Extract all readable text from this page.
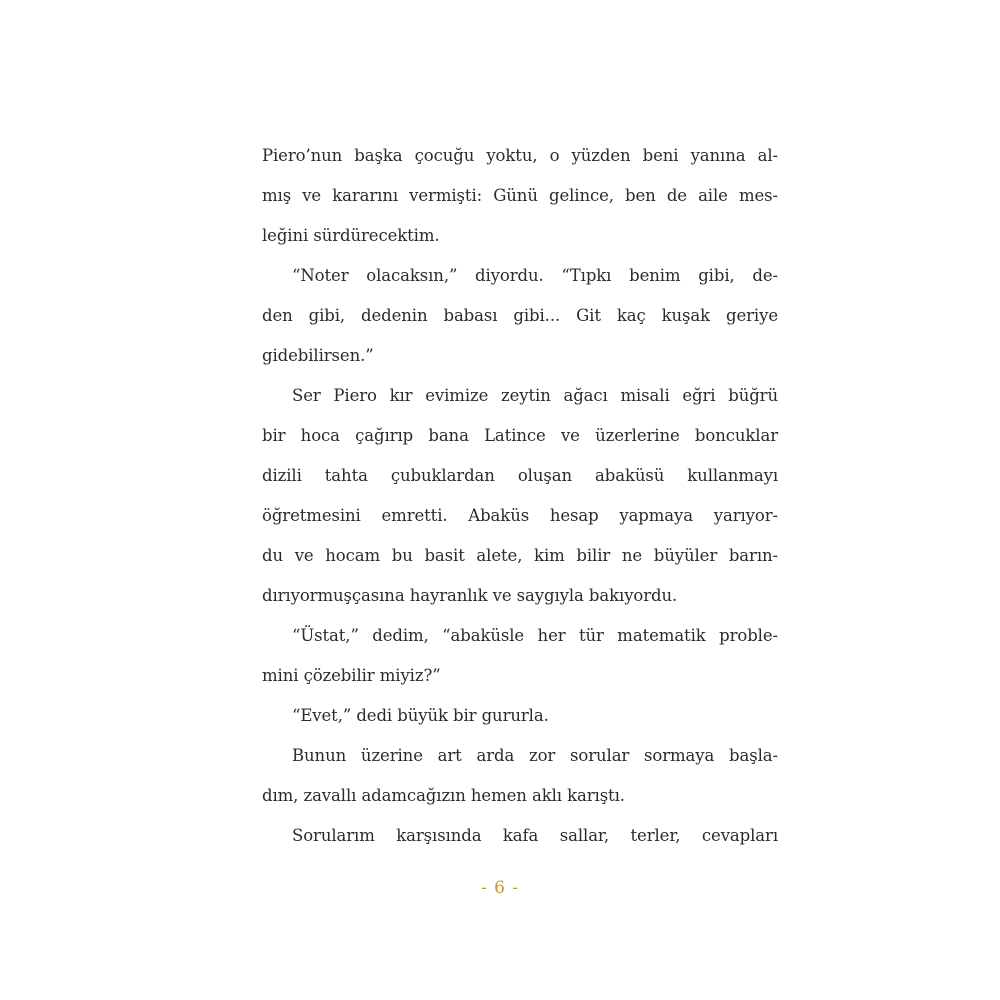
Piero’nun başka çocuğu yoktu, o yüzden beni yanına al-
mış ve kararını vermişti: Günü gelince, ben de aile mes-
leğini sürdürecektim.
“Noter olacaksın,” diyordu. “Tıpkı benim gibi, de-
den gibi, dedenin babası gibi... Git kaç kuşak geriye
gidebilirsen.”
Ser Piero kır evimize zeytin ağacı misali eğri büğrü
bir hoca çağırıp bana Latince ve üzerlerine boncuklar
dizili tahta çubuklardan oluşan abaküsü kullanmayı
öğretmesini emretti. Abaküs hesap yapmaya yarıyor-
du ve hocam bu basit alete, kim bilir ne büyüler barın-
dırıyormuşçasına hayranlık ve saygıyla bakıyordu.
“Üstat,” dedim, “abaküsle her tür matematik proble-
mini çözebilir miyiz?”
“Evet,” dedi büyük bir gururla.
Bunun üzerine art arda zor sorular sormaya başla-
dım, zavallı adamcağızın hemen aklı karıştı.
Sorularım karşısında kafa sallar, terler, cevapları
- 6 -
